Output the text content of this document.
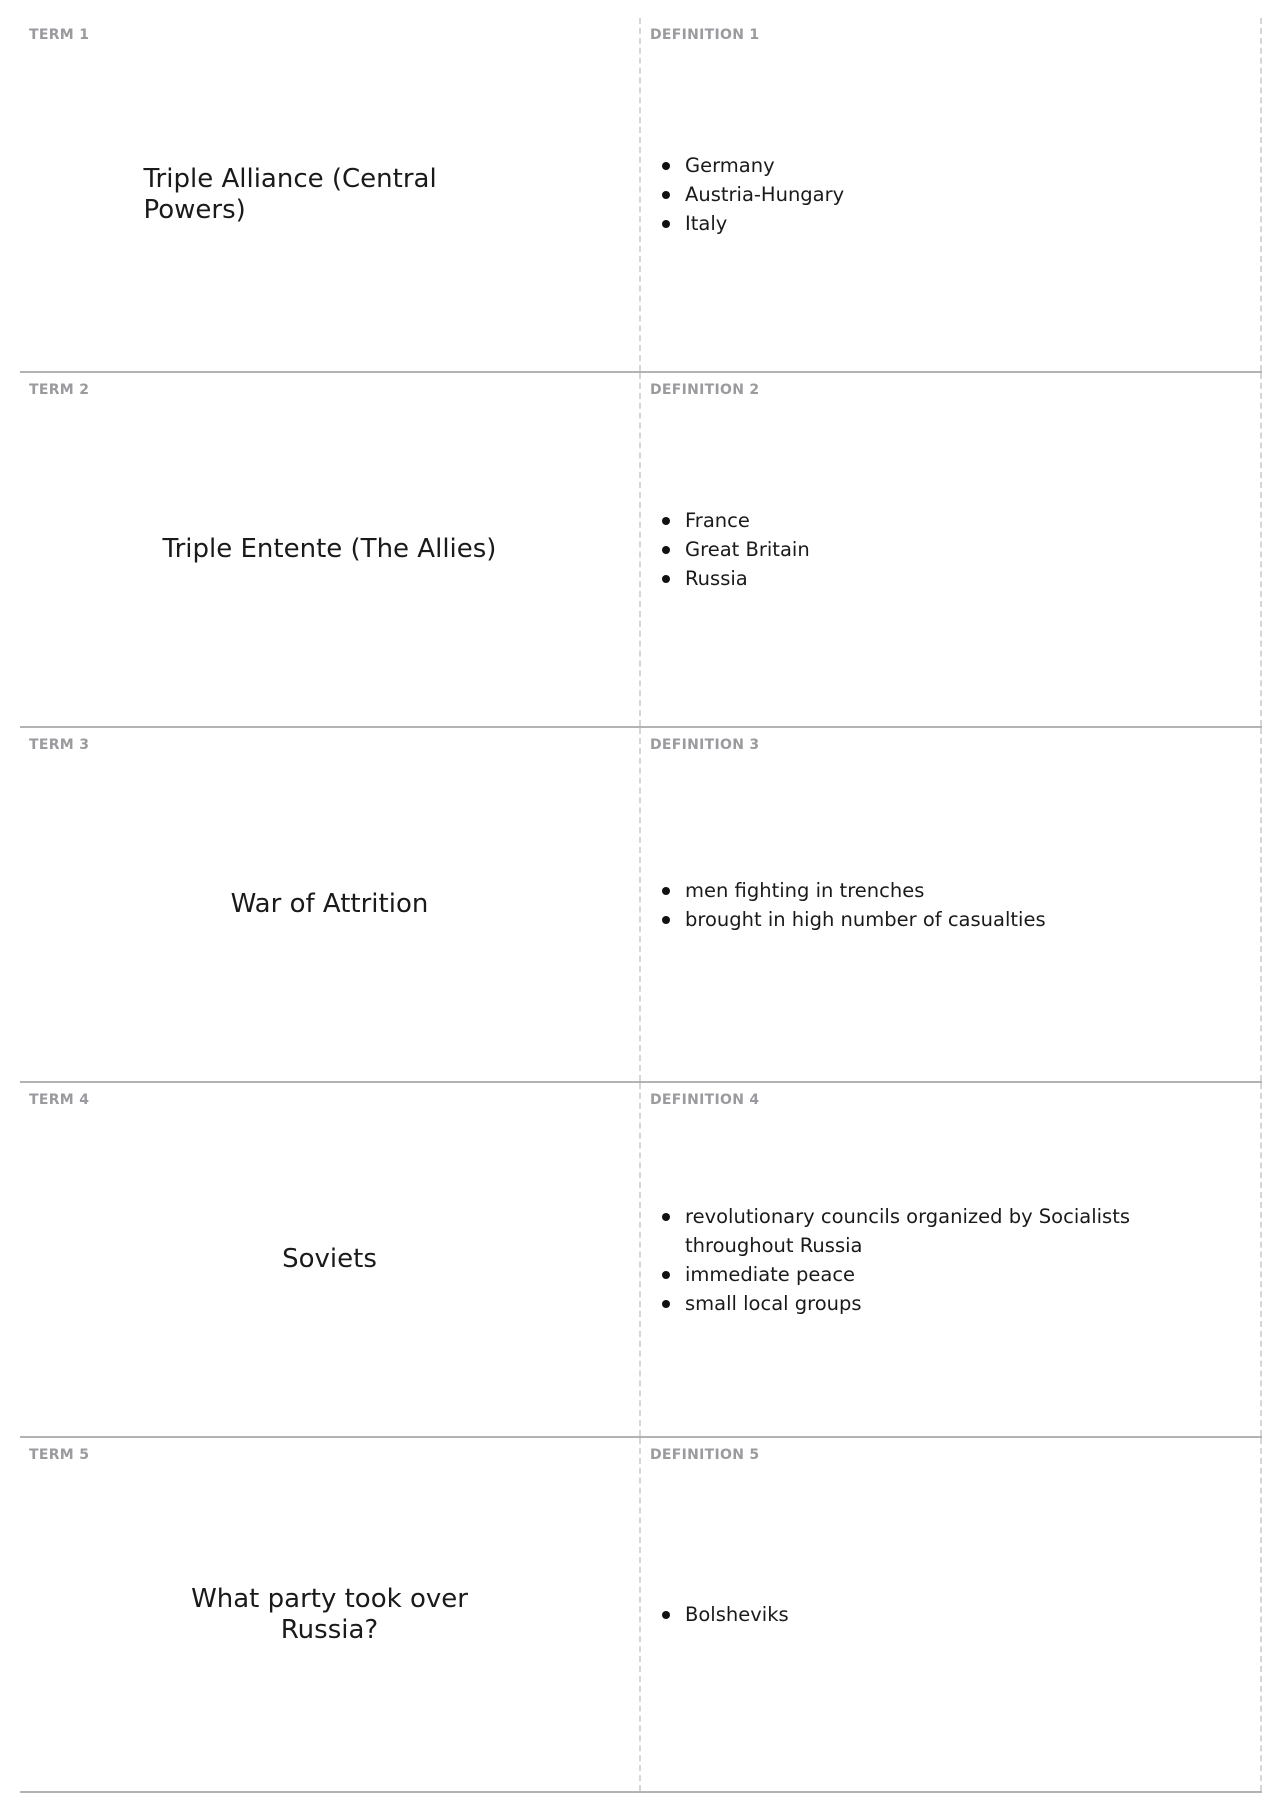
TERM 1
Triple Alliance (Central Powers)
DEFINITION 1
Germany
Austria-Hungary
Italy
TERM 2
Triple Entente (The Allies)
DEFINITION 2
France
Great Britain
Russia
TERM 3
War of Attrition
DEFINITION 3
men fighting in trenches
brought in high number of casualties
TERM 4
Soviets
DEFINITION 4
revolutionary councils organized by Socialists throughout Russia
immediate peace
small local groups
TERM 5
What party took over Russia?
DEFINITION 5
Bolsheviks
